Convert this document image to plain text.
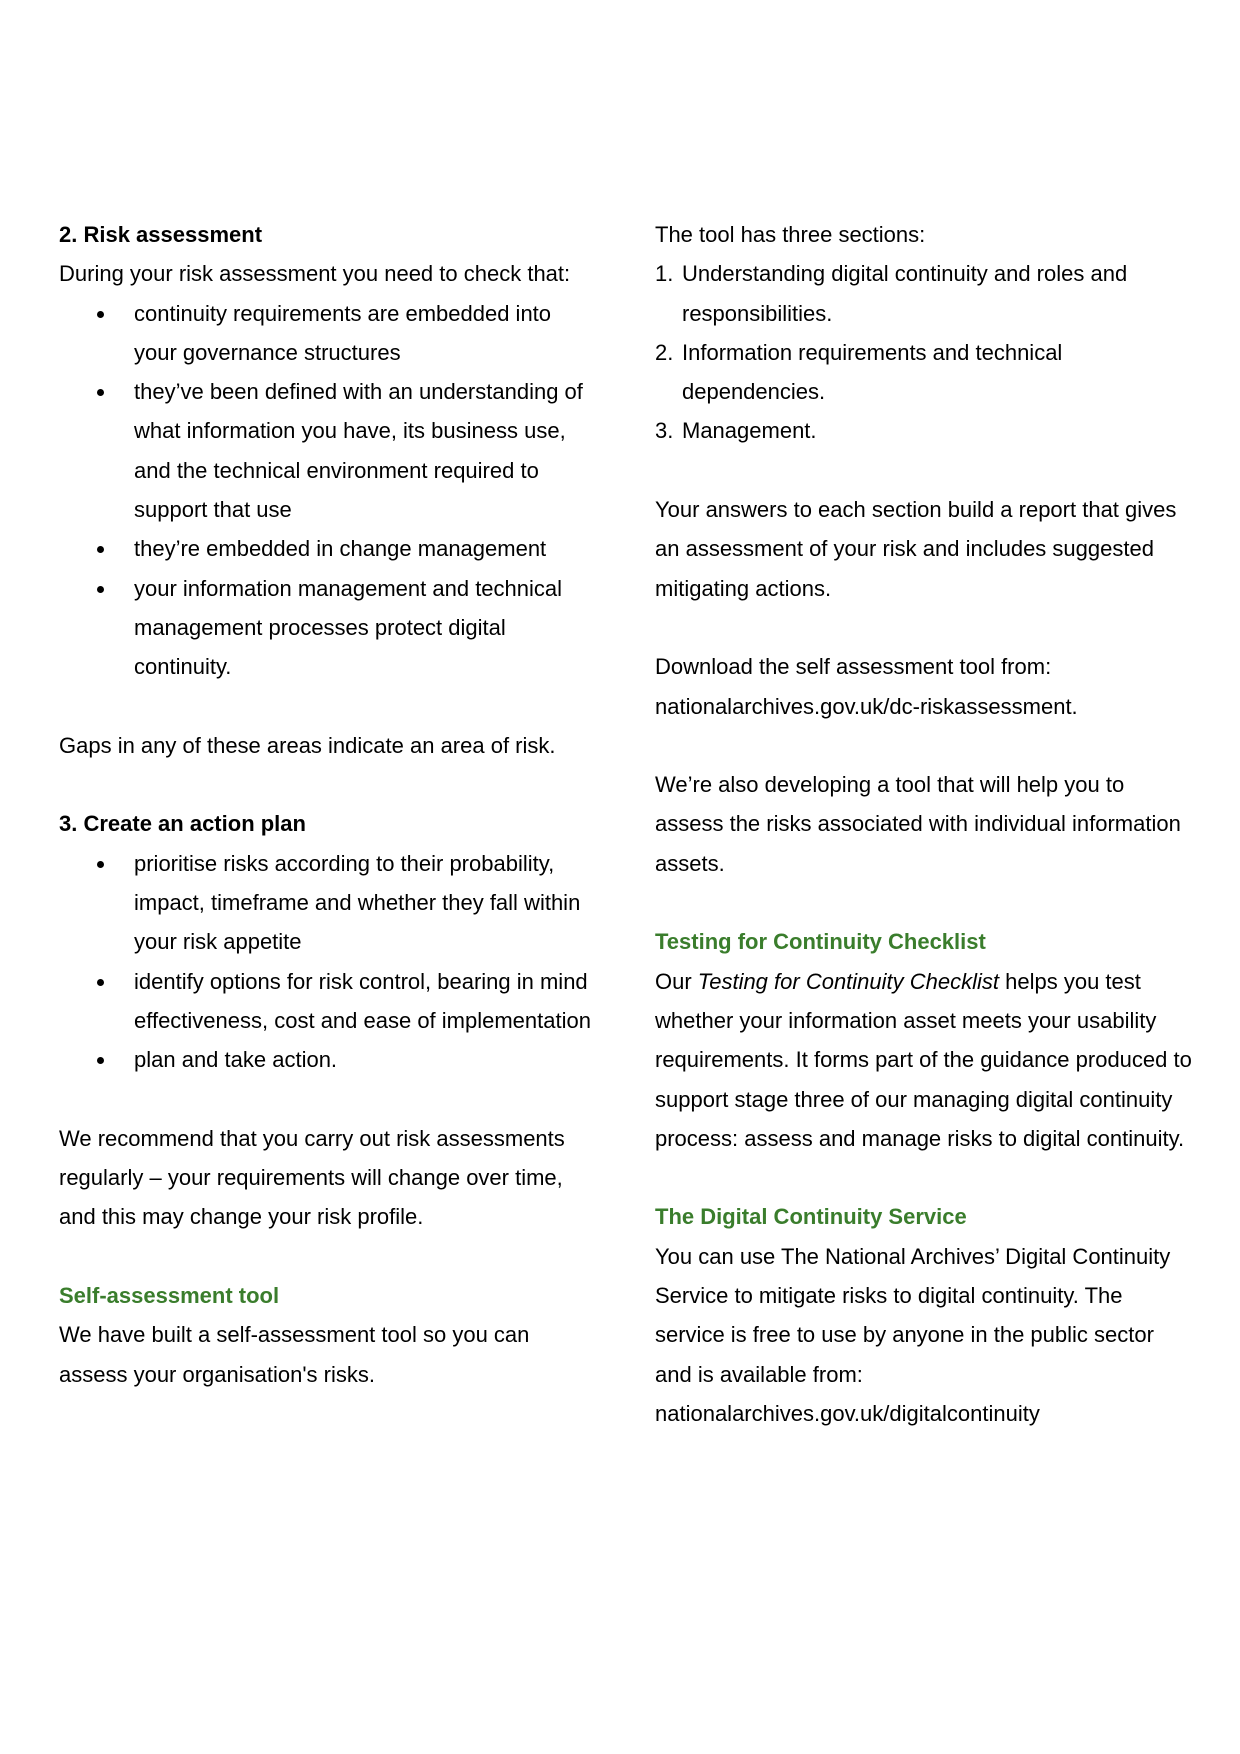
2. Risk assessment

During your risk assessment you need to check that:

continuity requirements are embedded into your governance structures
they’ve been defined with an understanding of what information you have, its business use, and the technical environment required to support that use
they’re embedded in change management
your information management and technical management processes protect digital continuity.

Gaps in any of these areas indicate an area of risk.

3. Create an action plan

prioritise risks according to their probability, impact, timeframe and whether they fall within your risk appetite
identify options for risk control, bearing in mind effectiveness, cost and ease of implementation
plan and take action.

We recommend that you carry out risk assessments regularly – your requirements will change over time, and this may change your risk profile.

Self-assessment tool

We have built a self-assessment tool so you can assess your organisation's risks.

The tool has three sections:

1. Understanding digital continuity and roles and responsibilities.
2. Information requirements and technical dependencies.
3. Management.

Your answers to each section build a report that gives an assessment of your risk and includes suggested mitigating actions.

Download the self assessment tool from:

nationalarchives.gov.uk/dc-riskassessment.

We’re also developing a tool that will help you to assess the risks associated with individual information assets.

Testing for Continuity Checklist

Our Testing for Continuity Checklist helps you test whether your information asset meets your usability requirements. It forms part of the guidance produced to support stage three of our managing digital continuity process: assess and manage risks to digital continuity.

The Digital Continuity Service

You can use The National Archives’ Digital Continuity Service to mitigate risks to digital continuity. The service is free to use by anyone in the public sector and is available from:

nationalarchives.gov.uk/digitalcontinuity
